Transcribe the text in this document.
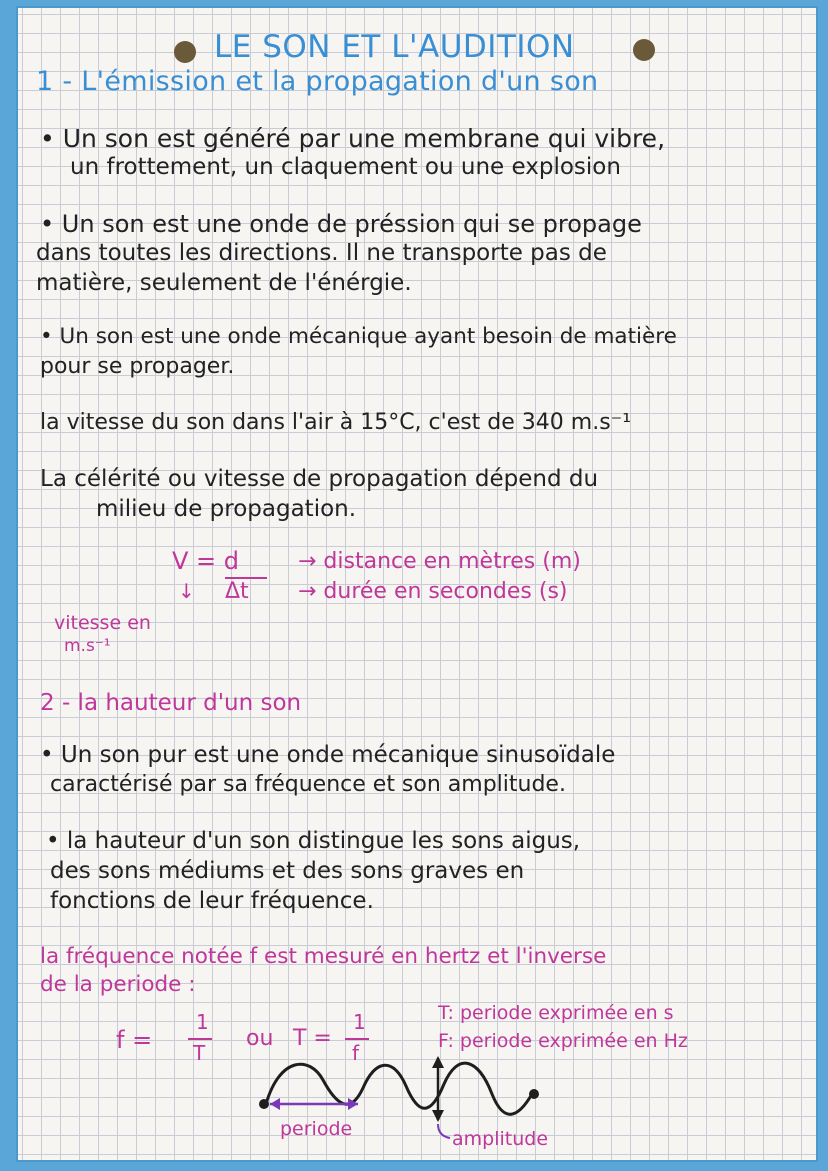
LE SON ET L'AUDITION
1 - L'émission et la propagation d'un son
• Un son est généré par une membrane qui vibre,
un frottement, un claquement ou une explosion
• Un son est une onde de préssion qui se propage
dans toutes les directions. Il ne transporte pas de
matière, seulement de l'énérgie.
• Un son est une onde mécanique ayant besoin de matière
pour se propager.
la vitesse du son dans l'air à 15°C, c'est de 340 m.s⁻¹
La célérité ou vitesse de propagation dépend du
milieu de propagation.
V = d
Δt
→ distance en mètres (m)
→ durée en secondes (s)
↓
vitesse en
m.s⁻¹
2 - la hauteur d'un son
• Un son pur est une onde mécanique sinusoïdale
caractérisé par sa fréquence et son amplitude.
• la hauteur d'un son distingue les sons aigus,
des sons médiums et des sons graves en
fonctions de leur fréquence.
la fréquence notée f est mesuré en hertz et l'inverse
de la periode :
f =
1
T
ou T =
1
f
T: periode exprimée en s
F: periode exprimée en Hz
periode	amplitude
